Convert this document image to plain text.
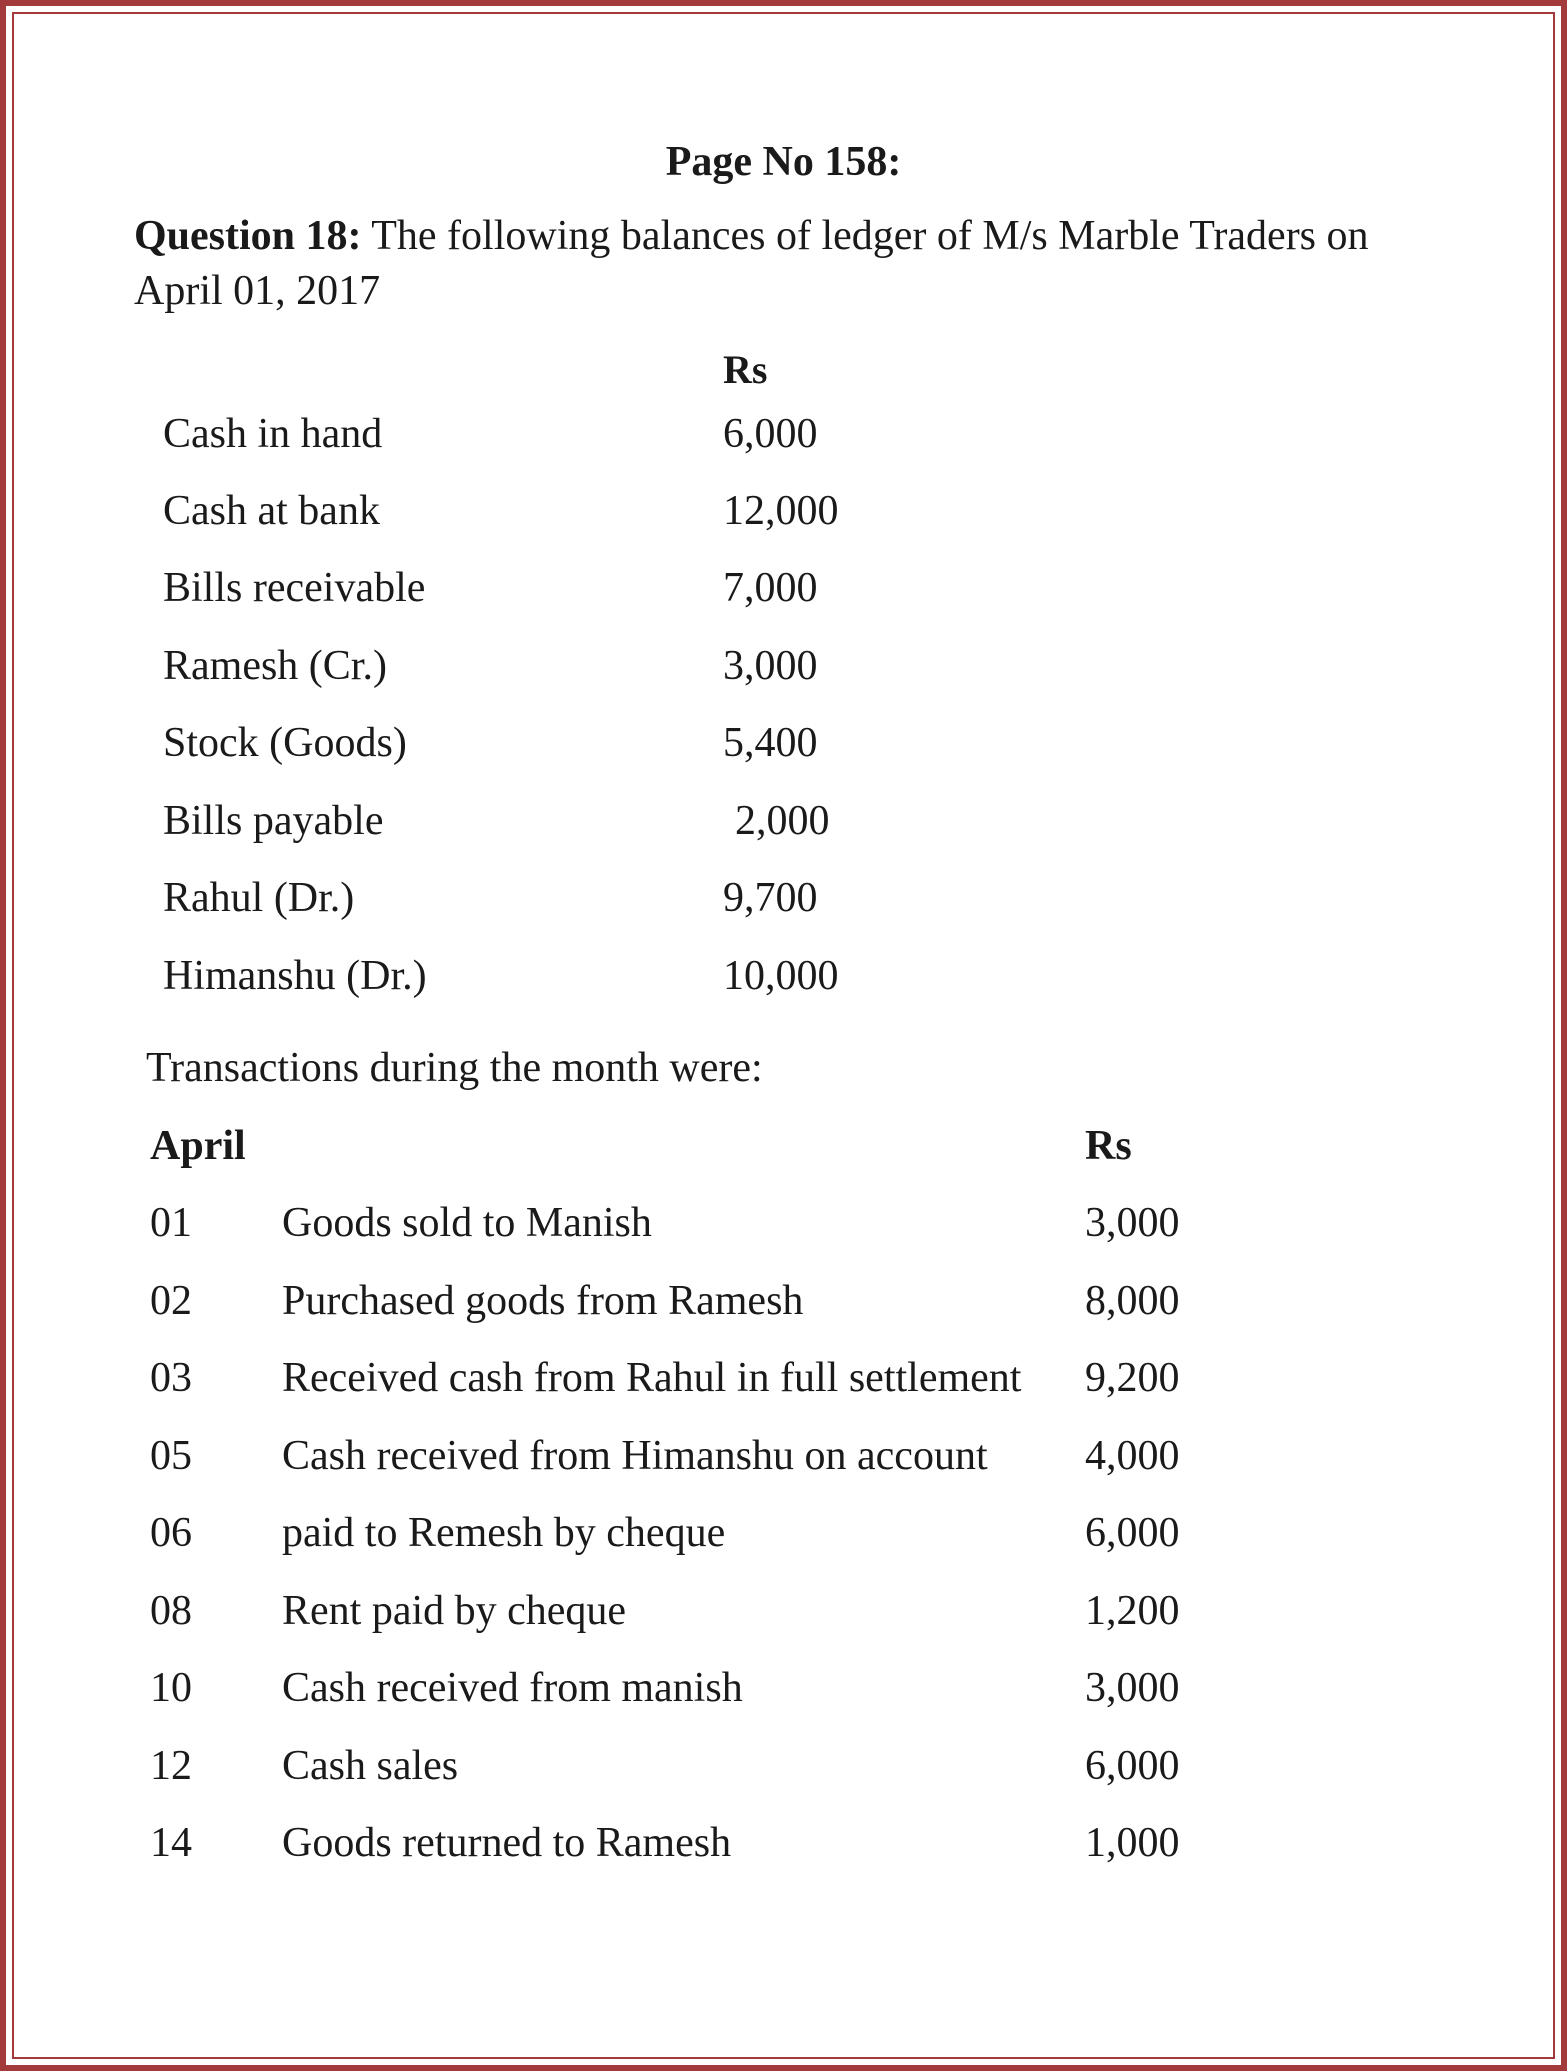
Page No 158:
Question 18: The following balances of ledger of M/s Marble Traders on April 01, 2017
Rs
Cash in hand	6,000
Cash at bank	12,000
Bills receivable	7,000
Ramesh (Cr.)	3,000
Stock (Goods)	5,400
Bills payable	2,000
Rahul (Dr.)	9,700
Himanshu (Dr.)	10,000
Transactions during the month were:
April	Rs
01 Goods sold to Manish	3,000
02 Purchased goods from Ramesh	8,000
03 Received cash from Rahul in full settlement 9,200
05 Cash received from Himanshu on account 4,000
06 paid to Remesh by cheque	6,000
08 Rent paid by cheque	1,200
10 Cash received from manish	3,000
12 Cash sales	6,000
14 Goods returned to Ramesh	1,000
